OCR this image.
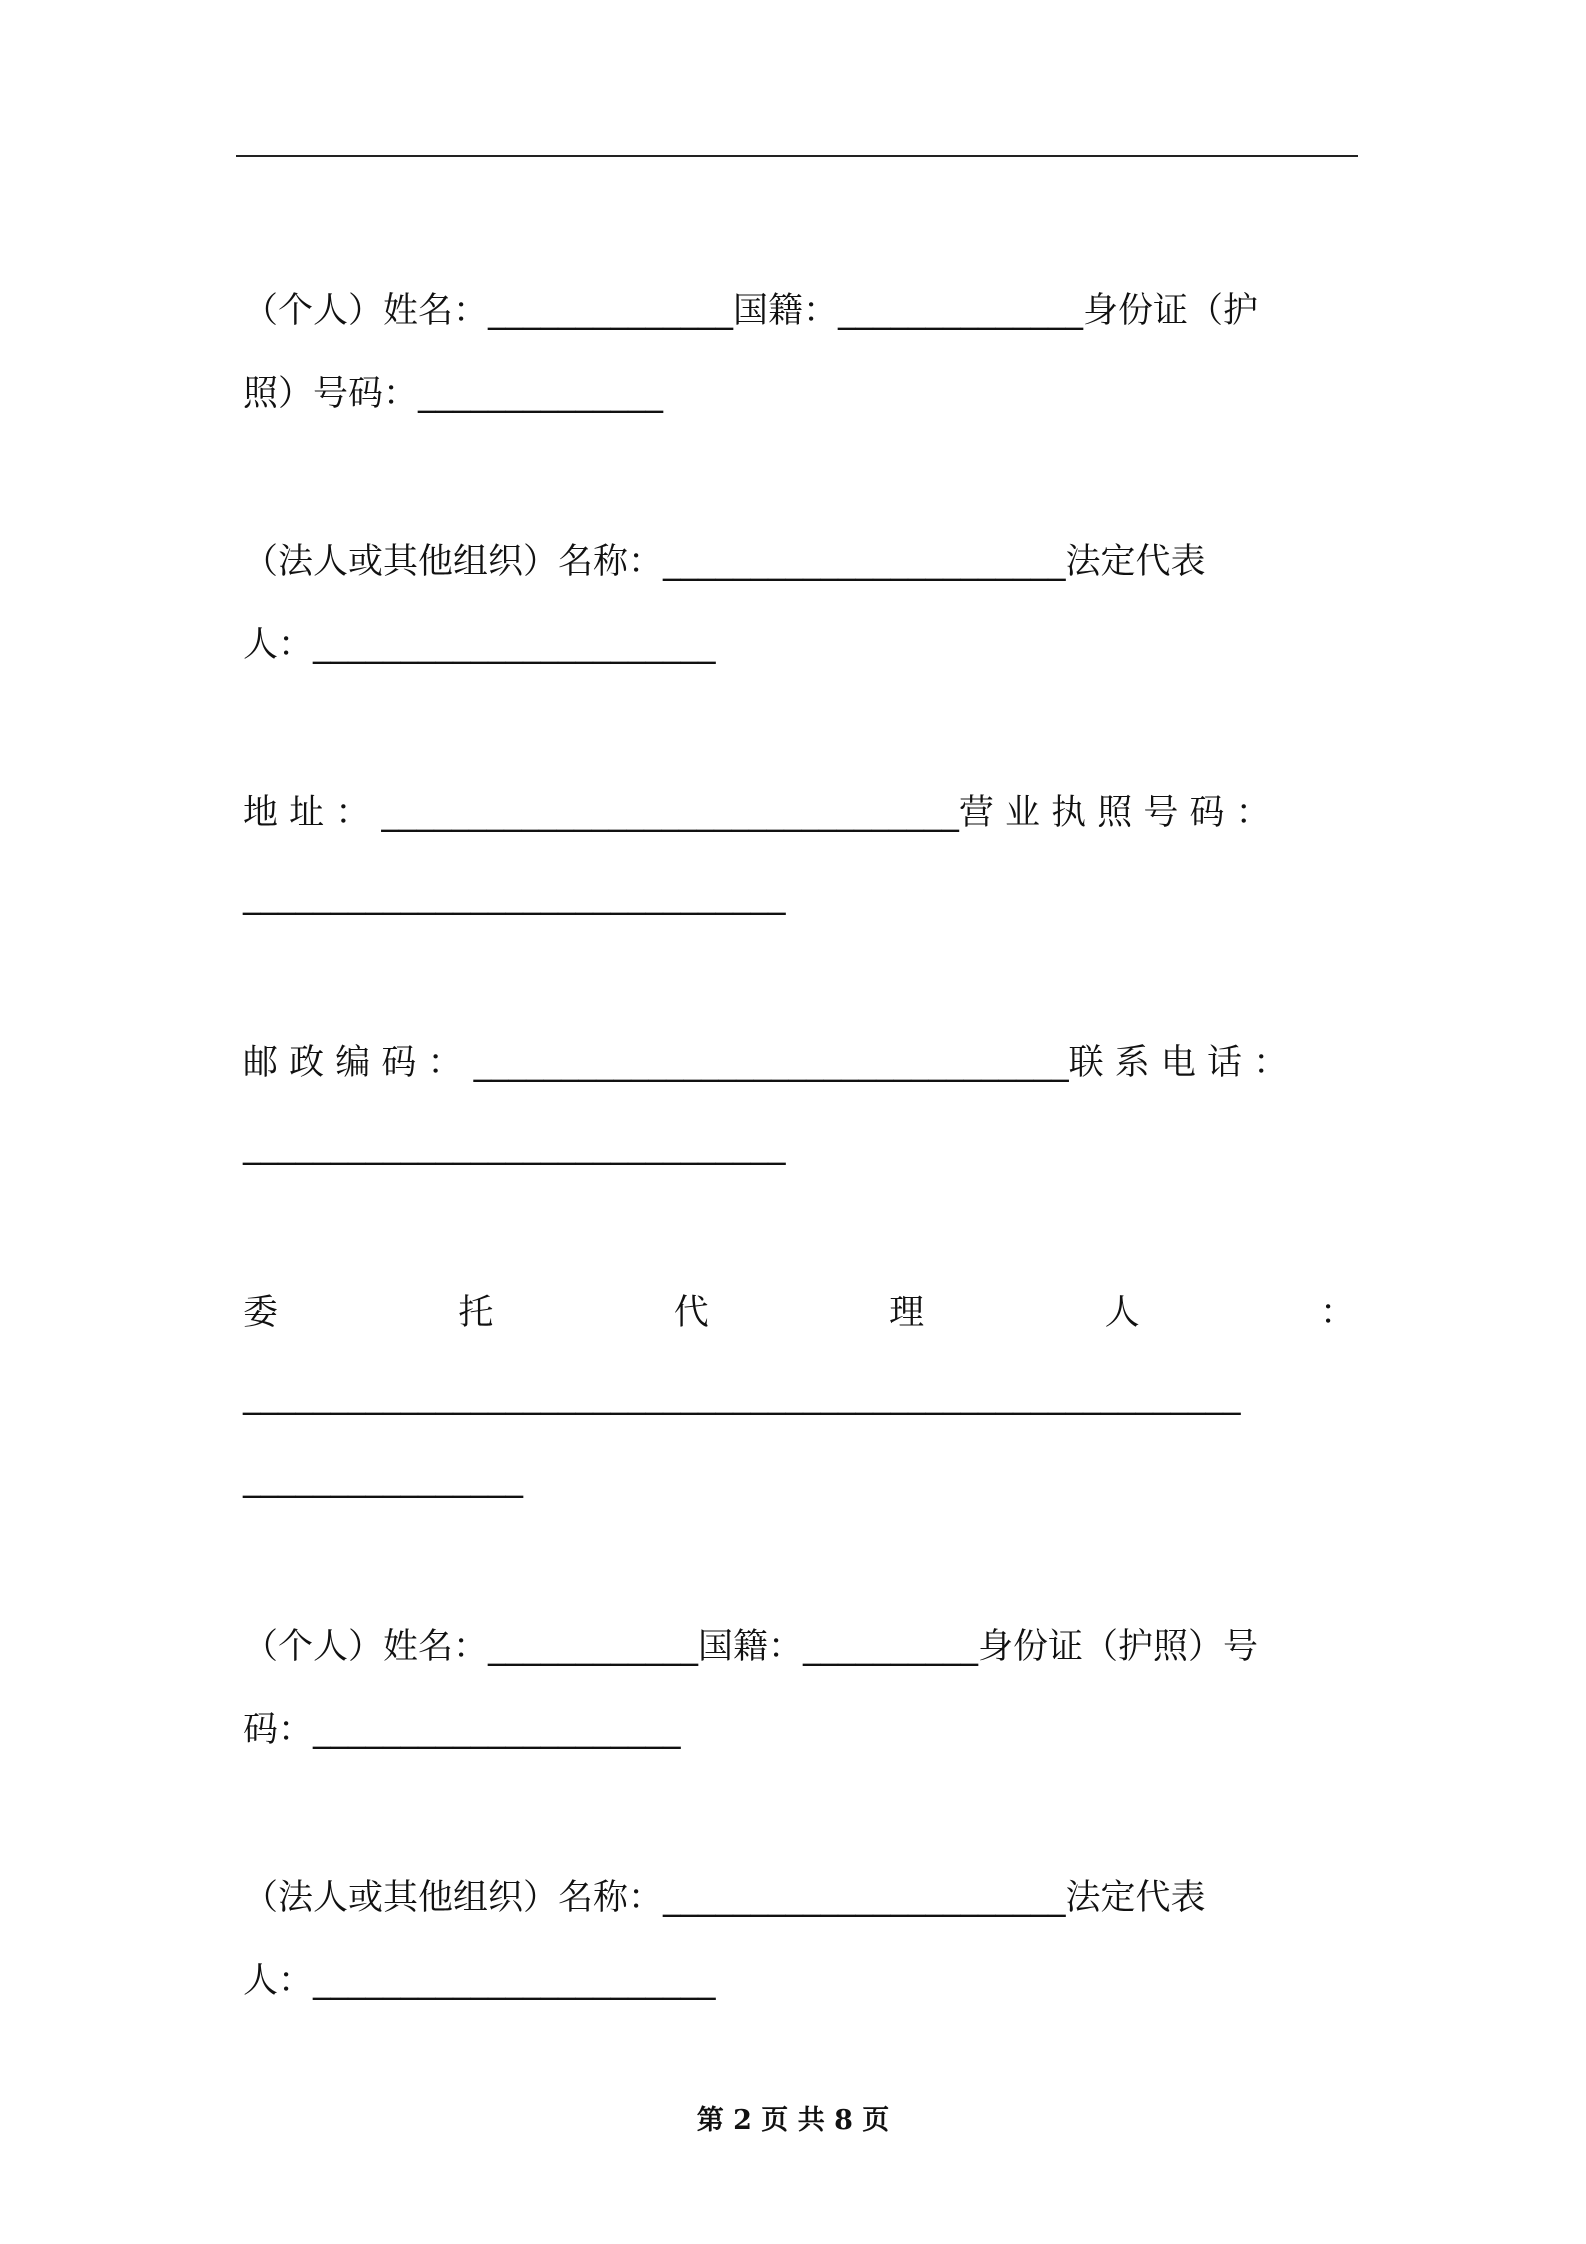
（个人）姓名：______________国籍：______________身份证（护
照）号码：______________
（法人或其他组织）名称：_______________________法定代表
人：_______________________
地 址 ： _________________________________营 业 执 照 号 码 ：
_______________________________
邮 政 编 码 ： __________________________________联 系 电 话 ：
_______________________________
委	托	代	理	人	：
_________________________________________________________
________________
（个人）姓名：____________国籍：__________身份证（护照）号
码：_____________________
（法人或其他组织）名称：_______________________法定代表
人：_______________________
第 2 页 共 8 页
